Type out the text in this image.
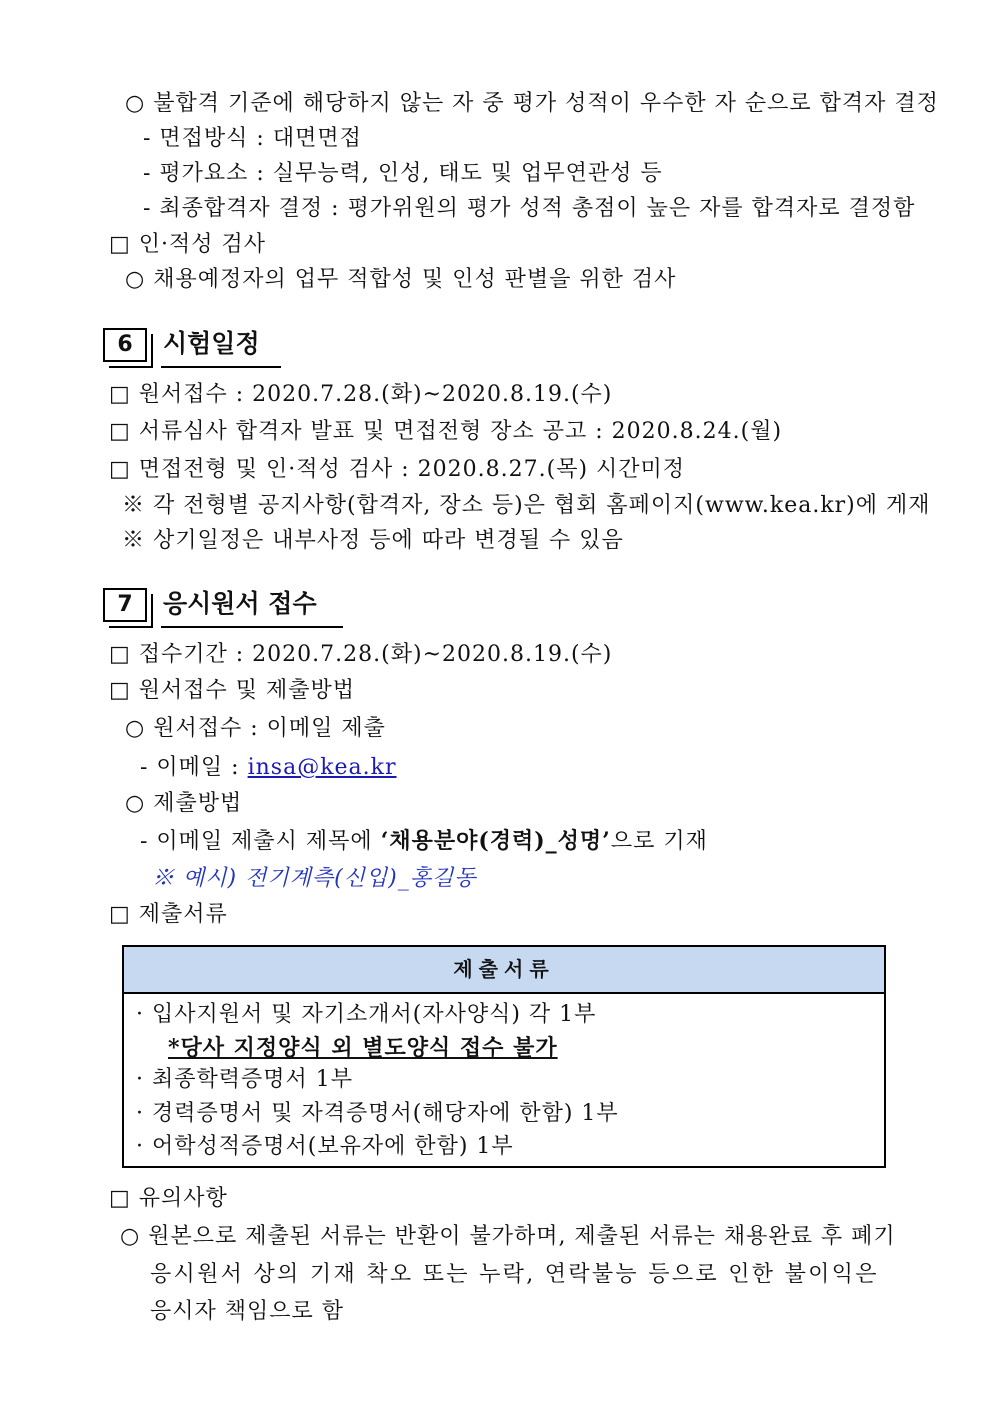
○ 불합격 기준에 해당하지 않는 자 중 평가 성적이 우수한 자 순으로 합격자 결정
- 면접방식 : 대면면접
- 평가요소 : 실무능력, 인성, 태도 및 업무연관성 등
- 최종합격자 결정 : 평가위원의 평가 성적 총점이 높은 자를 합격자로 결정함
□ 인·적성 검사
○ 채용예정자의 업무 적합성 및 인성 판별을 위한 검사
6	시험일정
□ 원서접수 : 2020.7.28.(화)~2020.8.19.(수)
□ 서류심사 합격자 발표 및 면접전형 장소 공고 : 2020.8.24.(월)
□ 면접전형 및 인·적성 검사 : 2020.8.27.(목) 시간미정
※ 각 전형별 공지사항(합격자, 장소 등)은 협회 홈페이지(www.kea.kr)에 게재
※ 상기일정은 내부사정 등에 따라 변경될 수 있음
7	응시원서 접수
□ 접수기간 : 2020.7.28.(화)~2020.8.19.(수)
□ 원서접수 및 제출방법
○ 원서접수 : 이메일 제출
- 이메일 : insa@kea.kr
○ 제출방법
- 이메일 제출시 제목에 ‘채용분야(경력)_성명’으로 기재
※ 예시) 전기계측(신입)_홍길동
□ 제출서류
제출서류
· 입사지원서 및 자기소개서(자사양식) 각 1부
*당사 지정양식 외 별도양식 접수 불가
· 최종학력증명서 1부
· 경력증명서 및 자격증명서(해당자에 한함) 1부
· 어학성적증명서(보유자에 한함) 1부
□ 유의사항
○ 원본으로 제출된 서류는 반환이 불가하며, 제출된 서류는 채용완료 후 폐기
응시원서 상의 기재 착오 또는 누락, 연락불능 등으로 인한 불이익은
응시자 책임으로 함
